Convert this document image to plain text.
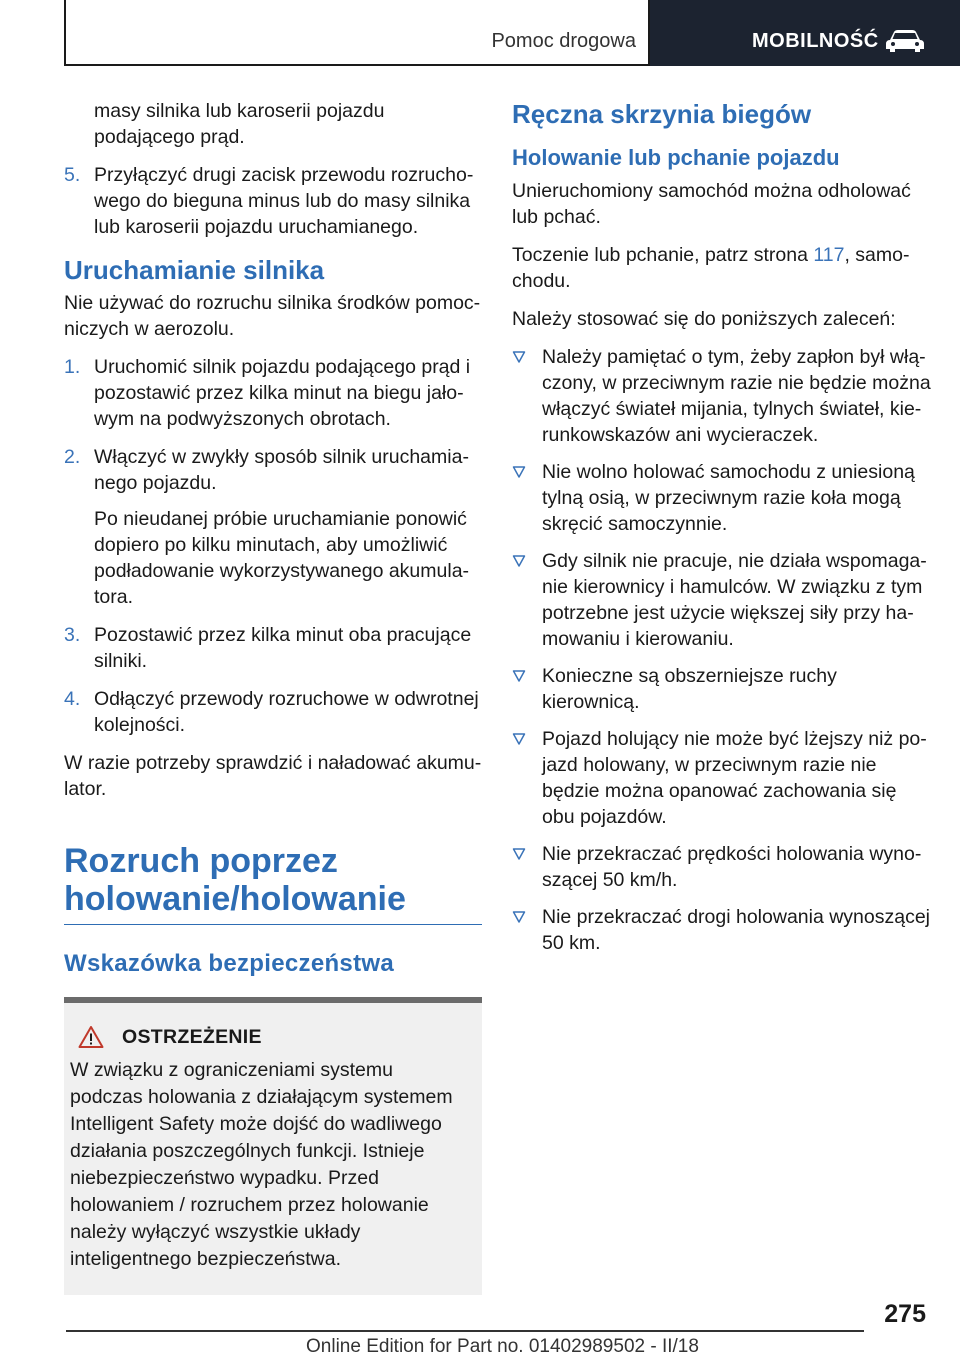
Pomoc drogowa	MOBILNOŚĆ

masy silnika lub karoserii pojazdu podającego prąd.

5. Przyłączyć drugi zacisk przewodu rozruchowego do bieguna minus lub do masy silnika lub karoserii pojazdu uruchamianego.
Uruchamianie silnika

Nie używać do rozruchu silnika środków pomocniczych w aerozolu.

1. Uruchomić silnik pojazdu podającego prąd i pozostawić przez kilka minut na biegu jałowym na podwyższonych obrotach.
2. Włączyć w zwykły sposób silnik uruchamianego pojazdu.

Po nieudanej próbie uruchamianie ponowić dopiero po kilku minutach, aby umożliwić podładowanie wykorzystywanego akumulatora.

3. Pozostawić przez kilka minut oba pracujące silniki.
4. Odłączyć przewody rozruchowe w odwrotnej kolejności.

W razie potrzeby sprawdzić i naładować akumulator.

Rozruch poprzez holowanie/holowanie
Wskazówka bezpieczeństwa
OSTRZEŻENIE

W związku z ograniczeniami systemu podczas holowania z działającym systemem Intelligent Safety może dojść do wadliwego działania poszczególnych funkcji. Istnieje niebezpieczeństwo wypadku. Przed holowaniem / rozruchem przez holowanie należy wyłączyć wszystkie układy inteligentnego bezpieczeństwa.

Ręczna skrzynia biegów
Holowanie lub pchanie pojazdu

Unieruchomiony samochód można odholować lub pchać.

Toczenie lub pchanie, patrz strona 117, samochodu.

Należy stosować się do poniższych zaleceń:

Należy pamiętać o tym, żeby zapłon był włączony, w przeciwnym razie nie będzie można włączyć świateł mijania, tylnych świateł, kierunkowskazów ani wycieraczek.
Nie wolno holować samochodu z uniesioną tylną osią, w przeciwnym razie koła mogą skręcić samoczynnie.
Gdy silnik nie pracuje, nie działa wspomaganie kierownicy i hamulców. W związku z tym potrzebne jest użycie większej siły przy hamowaniu i kierowaniu.
Konieczne są obszerniejsze ruchy kierownicą.
Pojazd holujący nie może być lżejszy niż pojazd holowany, w przeciwnym razie nie będzie można opanować zachowania się obu pojazdów.
Nie przekraczać prędkości holowania wynoszącej 50 km/h.
Nie przekraczać drogi holowania wynoszącej 50 km.
275
Online Edition for Part no. 01402989502 - II/18
